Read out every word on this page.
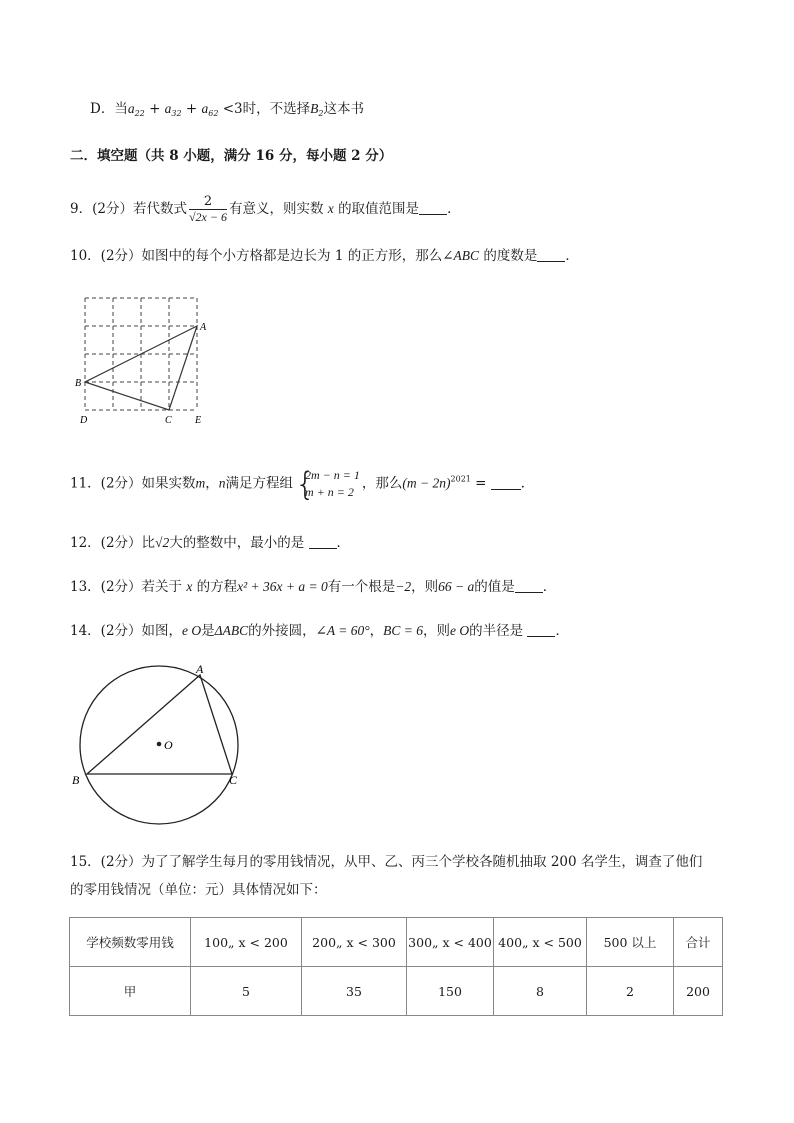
D．当$a_{22} + a_{32} + a_{62} <3$时，不选择$B_2$这本书
二．填空题（共 8 小题，满分 16 分，每小题 2 分）
9．(2分）若代数式 $\frac{2}{√2x - 6}$ 有意义，则实数 x 的取值范围是 ．
10．(2分）如图中的每个小方格都是边长为 1 的正方形，那么∠ABC 的度数是 ．
A
B
C
D	E
11．(2分）如果实数m，n满足方程组 {
2m − n = 1
m + n = 2
，那么$(m - 2n)^{2021}$ = ．
12．(2分）比√2大的整数中，最小的是 ．
13．(2分）若关于 x 的方程x² + 36x + a = 0有一个根是−2，则66 − a的值是 ．
14．(2分）如图，e O是ΔABC的外接圆，∠A = 60°，BC = 6，则e O的半径是 ．
A
B	C
O
15．(2分）为了了解学生每月的零用钱情况，从甲、乙、丙三个学校各随机抽取 200 名学生，调查了他们
的零用钱情况（单位：元）具体情况如下：
学校频数零用钱	100„ x < 200	200„ x < 300	300„ x < 400	400„ x < 500	500 以上	合计
甲	5	35	150	8	2	200
